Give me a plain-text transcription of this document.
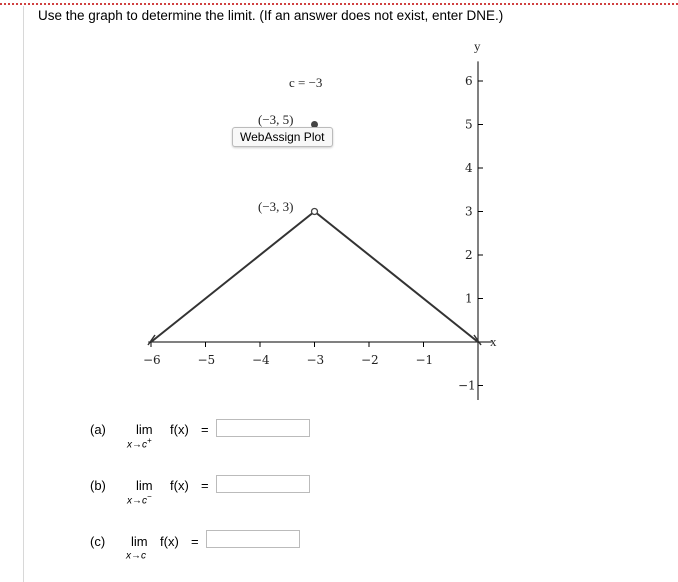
Use the graph to determine the limit. (If an answer does not exist, enter DNE.)
x
y
−6	−5	−4	−3	−2	−1
6
5
4
3
2
1
−1
c = −3
(−3, 5)
(−3, 3)
WebAssign Plot
(a) lim
x→c+
f(x) =
(b) lim
x→c−
f(x) =
(c) lim
x→c
f(x) =
